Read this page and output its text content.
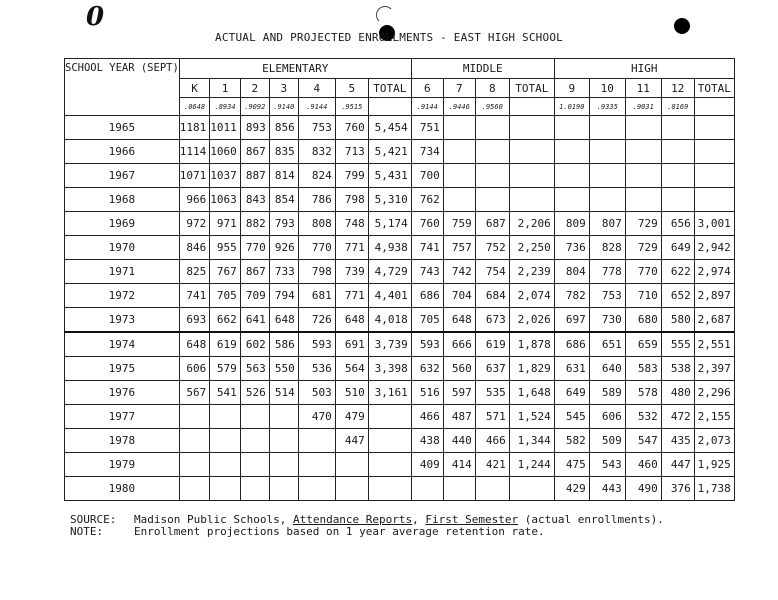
0
ACTUAL AND PROJECTED ENROLLMENTS - EAST HIGH SCHOOL
SCHOOL YEAR (SEPT)	ELEMENTARY							MIDDLE				HIGH				
	K	1	2	3	4	5	TOTAL	6	7	8	TOTAL	9	10	11	12	TOTAL
	.0648	.8934	.9092	.9140	.9144	.9515		.9144	.9446	.9560		1.0190	.9335	.9031	.8169	
1965	1181	1011	893	856	753	760	5,454	751								
1966	1114	1060	867	835	832	713	5,421	734								
1967	1071	1037	887	814	824	799	5,431	700								
1968	966	1063	843	854	786	798	5,310	762								
1969	972	971	882	793	808	748	5,174	760	759	687	2,206	809	807	729	656	3,001
1970	846	955	770	926	770	771	4,938	741	757	752	2,250	736	828	729	649	2,942
1971	825	767	867	733	798	739	4,729	743	742	754	2,239	804	778	770	622	2,974
1972	741	705	709	794	681	771	4,401	686	704	684	2,074	782	753	710	652	2,897
1973	693	662	641	648	726	648	4,018	705	648	673	2,026	697	730	680	580	2,687
1974	648	619	602	586	593	691	3,739	593	666	619	1,878	686	651	659	555	2,551
1975	606	579	563	550	536	564	3,398	632	560	637	1,829	631	640	583	538	2,397
1976	567	541	526	514	503	510	3,161	516	597	535	1,648	649	589	578	480	2,296
1977					470	479		466	487	571	1,524	545	606	532	472	2,155
1978						447		438	440	466	1,344	582	509	547	435	2,073
1979								409	414	421	1,244	475	543	460	447	1,925
1980												429	443	490	376	1,738
SOURCE: Madison Public Schools, Attendance Reports, First Semester (actual enrollments).
NOTE:	Enrollment projections based on 1 year average retention rate.
